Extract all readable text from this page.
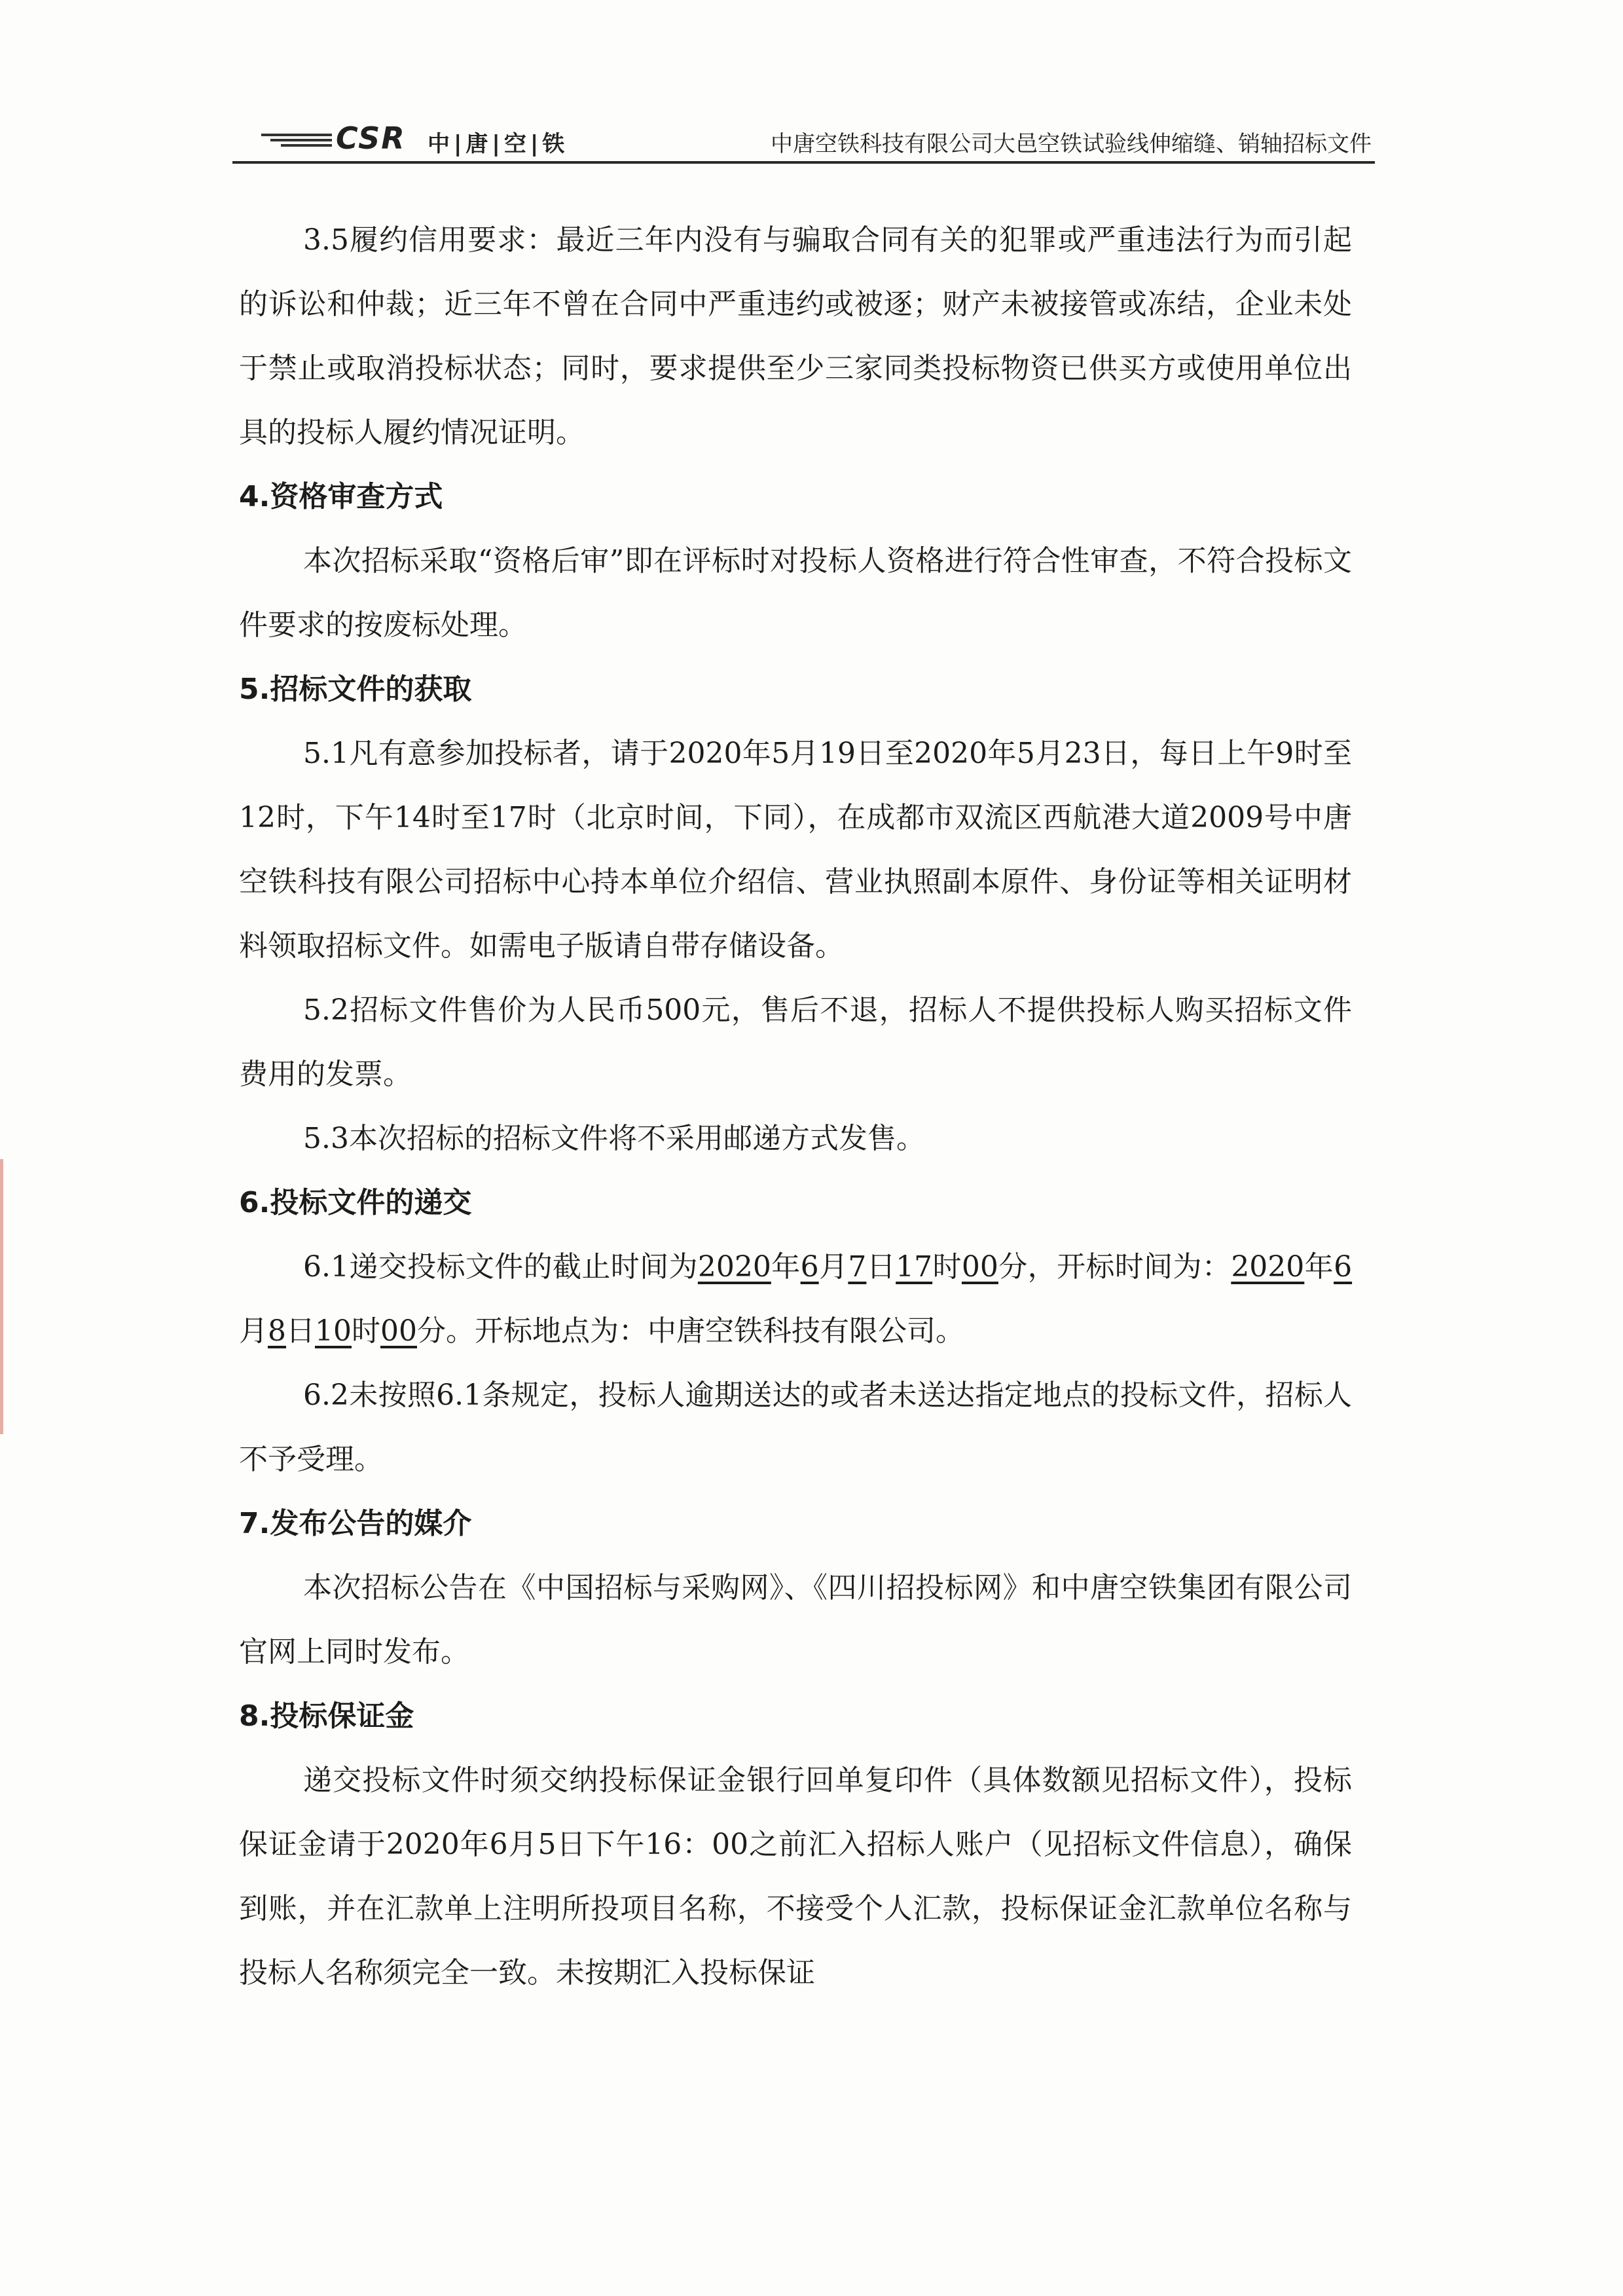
CSR 中|唐|空|铁	中唐空铁科技有限公司大邑空铁试验线伸缩缝、销轴招标文件

3.5履约信用要求：最近三年内没有与骗取合同有关的犯罪或严重违法行为而引起的诉讼和仲裁；近三年不曾在合同中严重违约或被逐；财产未被接管或冻结，企业未处于禁止或取消投标状态；同时，要求提供至少三家同类投标物资已供买方或使用单位出具的投标人履约情况证明。

4.资格审查方式

本次招标采取“资格后审”即在评标时对投标人资格进行符合性审查，不符合投标文件要求的按废标处理。

5.招标文件的获取

5.1凡有意参加投标者，请于2020年5月19日至2020年5月23日，每日上午9时至12时，下午14时至17时（北京时间，下同），在成都市双流区西航港大道2009号中唐空铁科技有限公司招标中心持本单位介绍信、营业执照副本原件、身份证等相关证明材料领取招标文件。如需电子版请自带存储设备。

5.2招标文件售价为人民币500元，售后不退，招标人不提供投标人购买招标文件费用的发票。

5.3本次招标的招标文件将不采用邮递方式发售。

6.投标文件的递交

6.1递交投标文件的截止时间为2020年6月7日17时00分，开标时间为：2020年6月8日10时00分。开标地点为：中唐空铁科技有限公司。

6.2未按照6.1条规定，投标人逾期送达的或者未送达指定地点的投标文件，招标人不予受理。

7.发布公告的媒介

本次招标公告在《中国招标与采购网》、《四川招投标网》和中唐空铁集团有限公司官网上同时发布。

8.投标保证金

递交投标文件时须交纳投标保证金银行回单复印件（具体数额见招标文件），投标保证金请于2020年6月5日下午16：00之前汇入招标人账户（见招标文件信息），确保到账，并在汇款单上注明所投项目名称，不接受个人汇款，投标保证金汇款单位名称与投标人名称须完全一致。未按期汇入投标保证
